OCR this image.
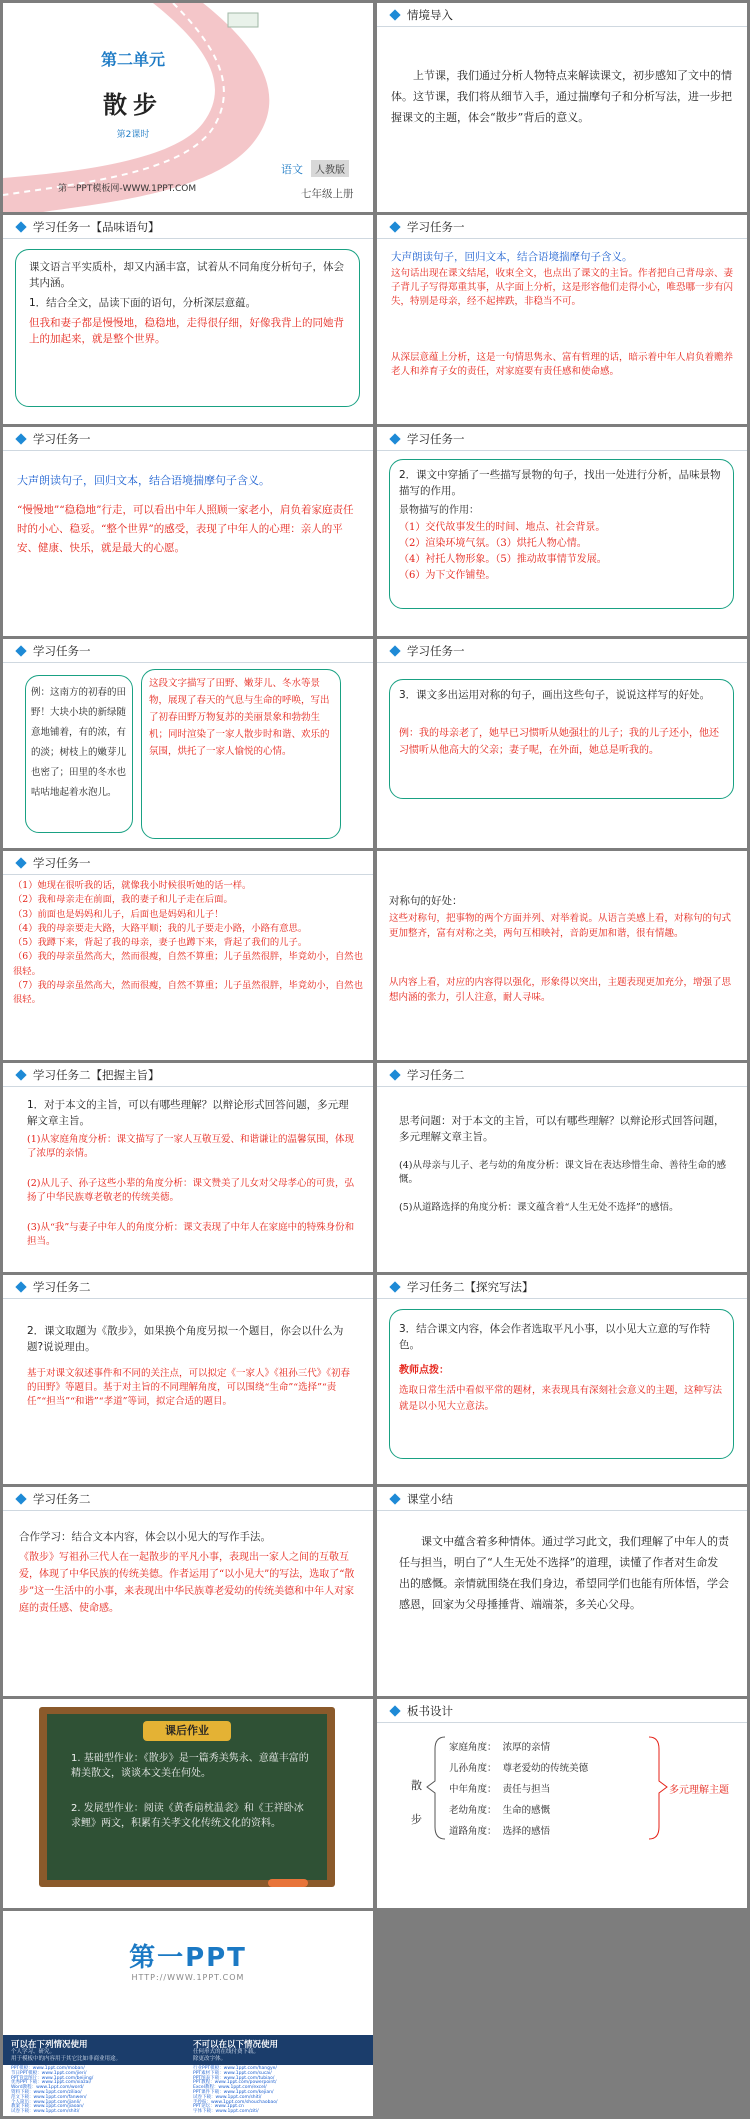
第二单元
散步
第2课时
第一PPT模板网-WWW.1PPT.COM
语文	人教版
七年级上册
情境导入
上节课，我们通过分析人物特点来解读课文，初步感知了文中的情体。这节课，我们将从细节入手，通过揣摩句子和分析写法，进一步把握课文的主题，体会“散步”背后的意义。
学习任务一【品味语句】
课文语言平实质朴，却又内涵丰富，试着从不同角度分析句子，体会其内涵。
1．结合全文，品读下面的语句，分析深层意蕴。
但我和妻子都是慢慢地，稳稳地，走得很仔细，好像我背上的同她背上的加起来，就是整个世界。
学习任务一
大声朗读句子，回归文本，结合语境揣摩句子含义。
这句话出现在课文结尾，收束全文，也点出了课文的主旨。作者把自己背母亲、妻子背儿子写得郑重其事，从字面上分析，这是形容他们走得小心，唯恐哪一步有闪失，特别是母亲，经不起摔跌，非稳当不可。
从深层意蕴上分析，这是一句情思隽永、富有哲理的话，暗示着中年人肩负着赡养老人和养育子女的责任，对家庭要有责任感和使命感。
学习任务一
大声朗读句子，回归文本，结合语境揣摩句子含义。
“慢慢地”“稳稳地”行走，可以看出中年人照顾一家老小，肩负着家庭责任时的小心、稳妥。“整个世界”的感受，表现了中年人的心理：亲人的平安、健康、快乐，就是最大的心愿。
学习任务一
2．课文中穿插了一些描写景物的句子，找出一处进行分析，品味景物描写的作用。
景物描写的作用：
（1）交代故事发生的时间、地点、社会背景。
（2）渲染环境气氛。（3）烘托人物心情。
（4）衬托人物形象。（5）推动故事情节发展。
（6）为下文作铺垫。
学习任务一
例：这南方的初春的田野！大块小块的新绿随意地铺着，有的浓，有的淡；树枝上的嫩芽儿也密了；田里的冬水也咕咕地起着水泡儿。
这段文字描写了田野、嫩芽儿、冬水等景物，展现了春天的气息与生命的呼唤，写出了初春田野万物复苏的美丽景象和勃勃生机；同时渲染了一家人散步时和谐、欢乐的氛围，烘托了一家人愉悦的心情。
学习任务一
3．课文多出运用对称的句子，画出这些句子，说说这样写的好处。
例：我的母亲老了，她早已习惯听从她强壮的儿子；我的儿子还小，他还习惯听从他高大的父亲；妻子呢，在外面，她总是听我的。
学习任务一
（1）她现在很听我的话，就像我小时候很听她的话一样。
（2）我和母亲走在前面，我的妻子和儿子走在后面。
（3）前面也是妈妈和儿子，后面也是妈妈和儿子！
（4）我的母亲要走大路，大路平顺；我的儿子要走小路，小路有意思。
（5）我蹲下来，背起了我的母亲，妻子也蹲下来，背起了我们的儿子。
（6）我的母亲虽然高大，然而很瘦，自然不算重；儿子虽然很胖，毕竟幼小，自然也很轻。
（7）我的母亲虽然高大，然而很瘦，自然不算重；儿子虽然很胖，毕竟幼小，自然也很轻。
对称句的好处：
这些对称句，把事物的两个方面并列、对举着说。从语言美感上看，对称句的句式更加整齐，富有对称之美，两句互相映衬，音韵更加和谐，很有情趣。
从内容上看，对应的内容得以强化，形象得以突出，主题表现更加充分，增强了思想内涵的张力，引人注意，耐人寻味。
学习任务二【把握主旨】
1．对于本文的主旨，可以有哪些理解？以辩论形式回答问题，多元理解文章主旨。
(1)从家庭角度分析：课文描写了一家人互敬互爱、和谐谦让的温馨氛围，体现了浓厚的亲情。
(2)从儿子、孙子这些小辈的角度分析：课文赞美了儿女对父母孝心的可贵，弘扬了中华民族尊老敬老的传统美德。
(3)从“我”与妻子中年人的角度分析：课文表现了中年人在家庭中的特殊身份和担当。
学习任务二
思考问题：对于本文的主旨，可以有哪些理解？以辩论形式回答问题，多元理解文章主旨。
(4)从母亲与儿子、老与幼的角度分析：课文旨在表达珍惜生命、善待生命的感慨。
(5)从道路选择的角度分析：课文蕴含着“人生无处不选择”的感悟。
学习任务二
2．课文取题为《散步》，如果换个角度另拟一个题目，你会以什么为题?说说理由。
基于对课文叙述事件和不同的关注点，可以拟定《一家人》《祖孙三代》《初春的田野》等题目。基于对主旨的不同理解角度，可以围绕“生命”“选择”“责任”“担当”“和谐”“孝道”等词，拟定合适的题目。
学习任务二【探究写法】
3．结合课文内容，体会作者选取平凡小事，以小见大立意的写作特色。
教师点拨：
选取日常生活中看似平常的题材，来表现具有深刻社会意义的主题，这种写法就是以小见大立意法。
学习任务二
合作学习：结合文本内容，体会以小见大的写作手法。
《散步》写祖孙三代人在一起散步的平凡小事，表现出一家人之间的互敬互爱，体现了中华民族的传统美德。作者运用了“以小见大”的写法，选取了“散步”这一生活中的小事，来表现出中华民族尊老爱幼的传统美德和中年人对家庭的责任感、使命感。
课堂小结
课文中蕴含着多种情体。通过学习此文，我们理解了中年人的责任与担当，明白了“人生无处不选择”的道理，读懂了作者对生命发出的感慨。亲情就围绕在我们身边，希望同学们也能有所体悟，学会感恩，回家为父母捶捶背、端端茶，多关心父母。
课后作业
1. 基础型作业：《散步》是一篇秀美隽永、意蕴丰富的精美散文，谈谈本文美在何处。
2. 发展型作业：阅读《黄香扇枕温衾》和《王祥卧冰求鲤》两文，积累有关孝文化传统文化的资料。
板书设计
散步
家庭角度： 浓厚的亲情
儿孙角度： 尊老爱幼的传统美德
中年角度： 责任与担当
老幼角度： 生命的感慨
道路角度： 选择的感悟
多元理解主题
第一PPT
HTTP://WWW.1PPT.COM
可以在下列情况使用
个人学习、研究。
用于模板中的内容用于其它比如非商业用途。
不可以在以下情况使用
任何形式的在线付费下载。
除更改字体。
PPT模板：www.1ppt.com/moban/
节日PPT模板：www.1ppt.com/jieri/
PPT背景图片：www.1ppt.com/beijing/
优秀PPT下载：www.1ppt.com/xiazai/
Word教程：www.1ppt.com/word/
资料下载：www.1ppt.com/ziliao/
范文下载：www.1ppt.com/fanwen/
个人简历：www.1ppt.com/jianli/
教案下载：www.1ppt.com/jiaoan/
试卷下载：www.1ppt.com/shiti/
行业PPT模板：www.1ppt.com/hangye/
PPT素材下载：www.1ppt.com/sucai/
PPT图表下载：www.1ppt.com/tubiao/
PPT教程：www.1ppt.com/powerpoint/
Excel教程：www.1ppt.com/excel/
PPT课件下载：www.1ppt.com/kejian/
试卷下载：www.1ppt.com/shiti/
手抄报：www.1ppt.com/shouchaobao/
PPT论坛：www.1ppt.cn
字体下载：www.1ppt.com/ziti/
